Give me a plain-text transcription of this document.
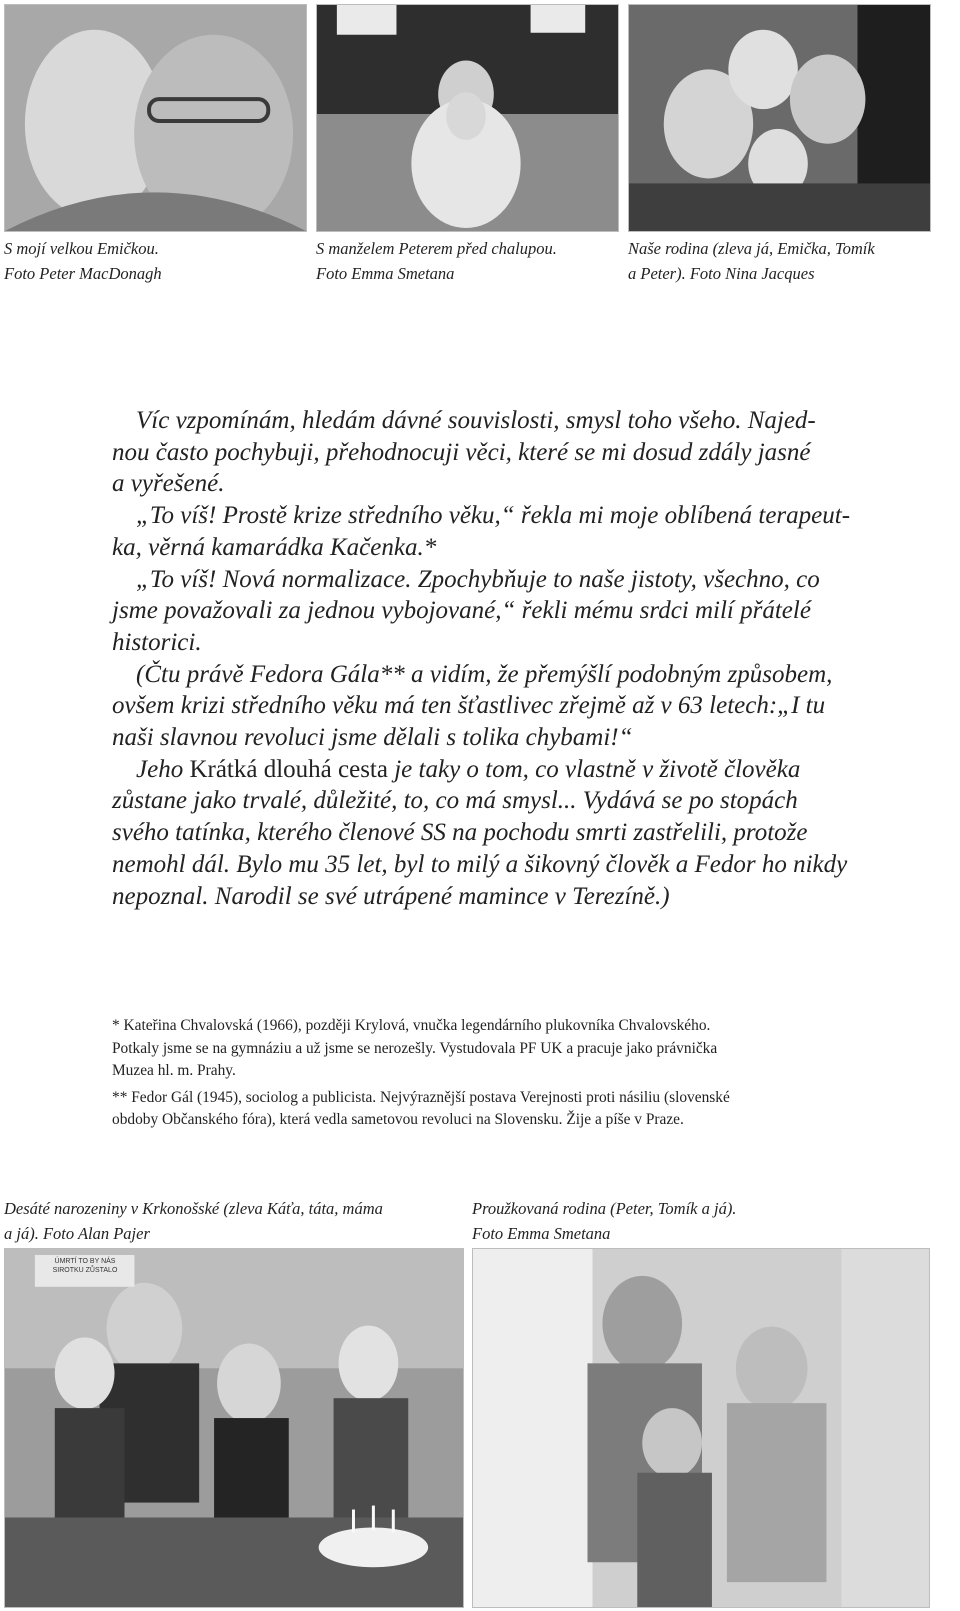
S mojí velkou Emičkou.
Foto Peter MacDonagh

S manželem Peterem před chalupou.
Foto Emma Smetana

Naše rodina (zleva já, Emička, Tomík
a Peter). Foto Nina Jacques

Víc vzpomínám, hledám dávné souvislosti, smysl toho všeho. Najed-
nou často pochybuji, přehodnocuji věci, které se mi dosud zdály jasné
a vyřešené.

„To víš! Prostě krize středního věku,“ řekla mi moje oblíbená terapeut-
ka, věrná kamarádka Kačenka.*

„To víš! Nová normalizace. Zpochybňuje to naše jistoty, všechno, co
jsme považovali za jednou vybojované,“ řekli mému srdci milí přátelé
historici.

(Čtu právě Fedora Gála** a vidím, že přemýšlí podobným způsobem,
ovšem krizi středního věku má ten šťastlivec zřejmě až v 63 letech:„I tu
naši slavnou revoluci jsme dělali s tolika chybami!“

Jeho Krátká dlouhá cesta je taky o tom, co vlastně v životě člověka
zůstane jako trvalé, důležité, to, co má smysl... Vydává se po stopách
svého tatínka, kterého členové SS na pochodu smrti zastřelili, protože
nemohl dál. Bylo mu 35 let, byl to milý a šikovný člověk a Fedor ho nikdy
nepoznal. Narodil se své utrápené mamince v Terezíně.)

* Kateřina Chvalovská (1966), později Krylová, vnučka legendárního plukovníka Chvalovského.
Potkaly jsme se na gymnáziu a už jsme se nerozešly. Vystudovala PF UK a pracuje jako právnička
Muzea hl. m. Prahy.

** Fedor Gál (1945), sociolog a publicista. Nejvýraznější postava Verejnosti proti násiliu (slovenské
obdoby Občanského fóra), která vedla sametovou revoluci na Slovensku. Žije a píše v Praze.

Desáté narozeniny v Krkonošské (zleva Káťa, táta, máma
a já). Foto Alan Pajer

Proužkovaná rodina (Peter, Tomík a já).
Foto Emma Smetana

ÚMRTÍ TO BY NÁS SIROTKU ZŮSTALO
